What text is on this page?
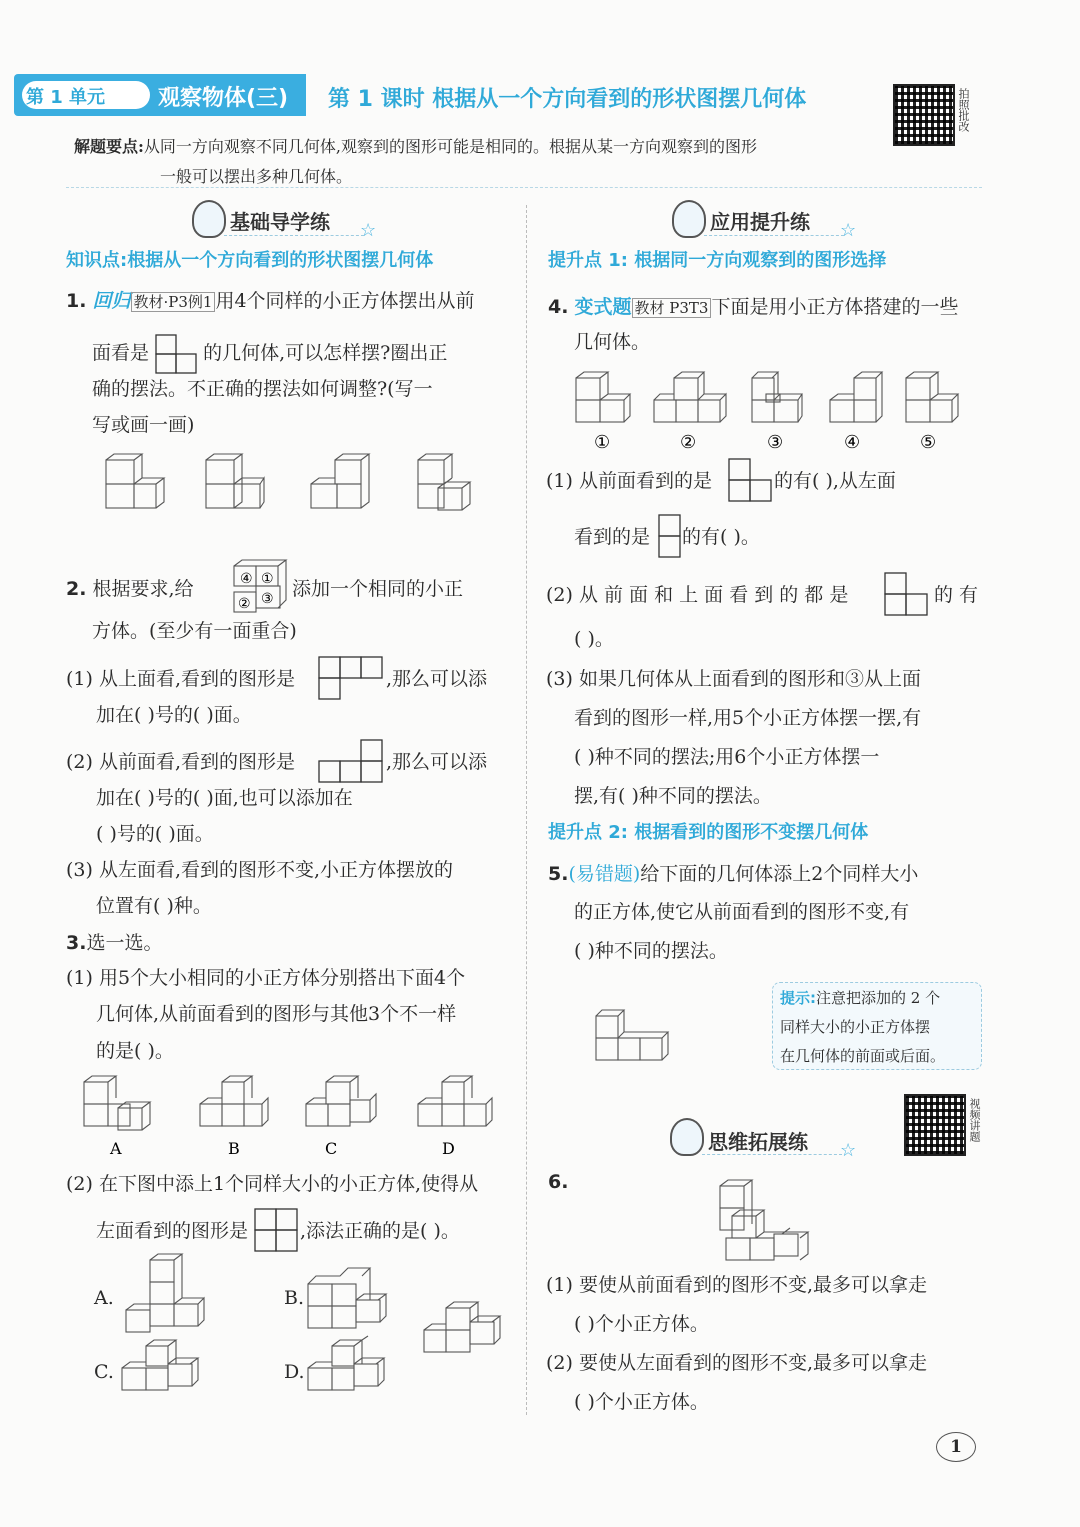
第 1 单元 观察物体(三) 第 1 课时 根据从一个方向看到的形状图摆几何体	拍照批改
解题要点:从同一方向观察不同几何体,观察到的图形可能是相同的。根据从某一方向观察到的图形
一般可以摆出多种几何体。
基础导学练 ☆
知识点:根据从一个方向看到的形状图摆几何体
1. 回归 教材·P3例1 用4个同样的小正方体摆出从前
面看是	的几何体,可以怎样摆?圈出正
确的摆法。不正确的摆法如何调整?(写一
写或画一画)
2. 根据要求,给	④ ①
② ③ 添加一个相同的小正
方体。(至少有一面重合)
(1) 从上面看,看到的图形是	,那么可以添
加在( )号的( )面。
(2) 从前面看,看到的图形是	,那么可以添
加在( )号的( )面,也可以添加在
( )号的( )面。
(3) 从左面看,看到的图形不变,小正方体摆放的
位置有( )种。
3.选一选。
(1) 用5个大小相同的小正方体分别搭出下面4个
几何体,从前面看到的图形与其他3个不一样
的是( )。
A	B	C	D
(2) 在下图中添上1个同样大小的小正方体,使得从
左面看到的图形是	,添法正确的是( )。
A.	B.
C.	D.
应用提升练 ☆
提升点 1: 根据同一方向观察到的图形选择
4. 变式题 教材 P3T3 下面是用小正方体搭建的一些
几何体。
①	②	③	④	⑤
(1) 从前面看到的是	的有( ),从左面
看到的是 的有( )。
(2) 从 前 面 和 上 面 看 到 的 都 是	的 有
( )。
(3) 如果几何体从上面看到的图形和③从上面
看到的图形一样,用5个小正方体摆一摆,有
( )种不同的摆法;用6个小正方体摆一
摆,有( )种不同的摆法。
提升点 2: 根据看到的图形不变摆几何体
5.(易错题)给下面的几何体添上2个同样大小
的正方体,使它从前面看到的图形不变,有
( )种不同的摆法。
提示:注意把添加的 2 个
同样大小的小正方体摆
在几何体的前面或后面。
视频讲题
思维拓展练 ☆
6.
(1) 要使从前面看到的图形不变,最多可以拿走
( )个小正方体。
(2) 要使从左面看到的图形不变,最多可以拿走
( )个小正方体。
1
